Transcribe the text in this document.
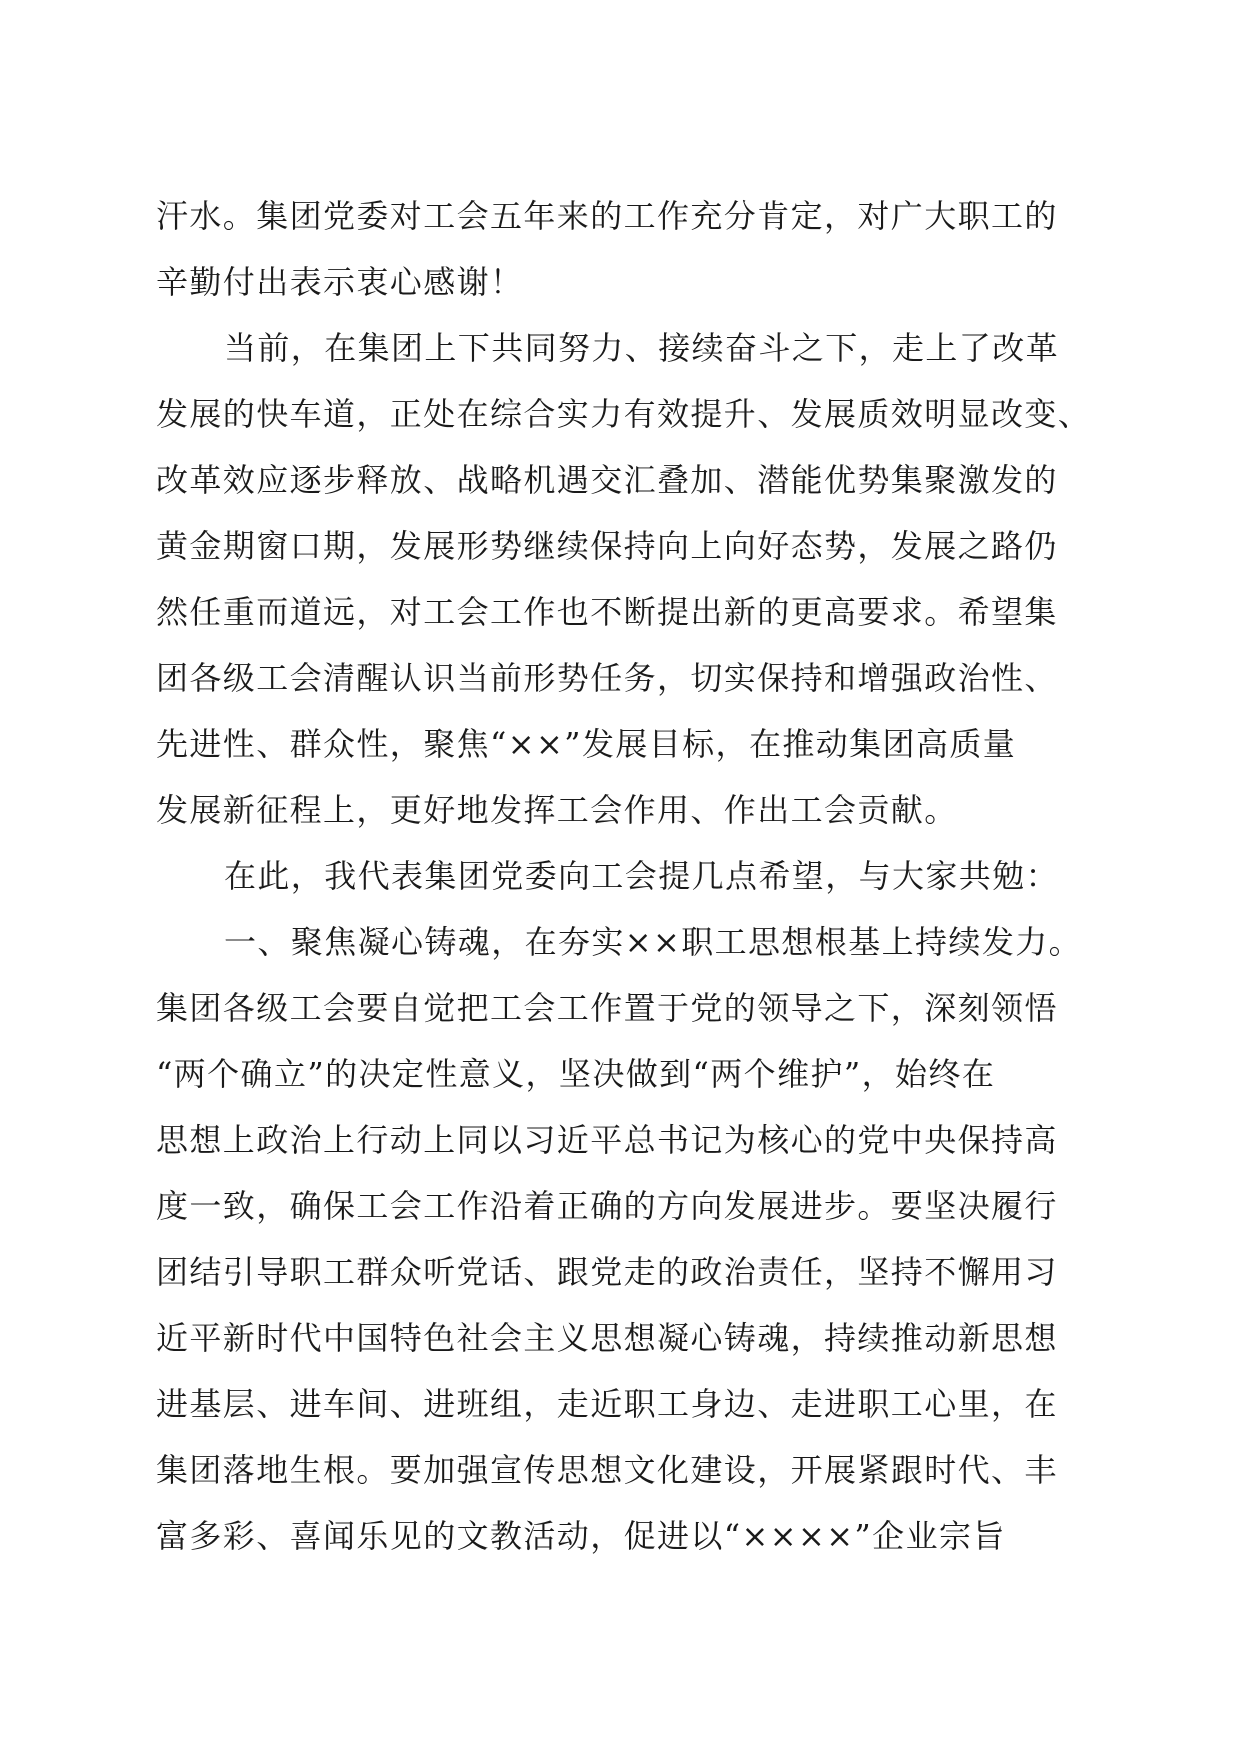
汗水。集团党委对工会五年来的工作充分肯定，对广大职工的
辛勤付出表示衷心感谢！
当前，在集团上下共同努力、接续奋斗之下，走上了改革
发展的快车道，正处在综合实力有效提升、发展质效明显改变、
改革效应逐步释放、战略机遇交汇叠加、潜能优势集聚激发的
黄金期窗口期，发展形势继续保持向上向好态势，发展之路仍
然任重而道远，对工会工作也不断提出新的更高要求。希望集
团各级工会清醒认识当前形势任务，切实保持和增强政治性、
先进性、群众性，聚焦“××”发展目标，在推动集团高质量
发展新征程上，更好地发挥工会作用、作出工会贡献。
在此，我代表集团党委向工会提几点希望，与大家共勉：
一、聚焦凝心铸魂，在夯实××职工思想根基上持续发力。
集团各级工会要自觉把工会工作置于党的领导之下，深刻领悟
“两个确立”的决定性意义，坚决做到“两个维护”，始终在
思想上政治上行动上同以习近平总书记为核心的党中央保持高
度一致，确保工会工作沿着正确的方向发展进步。要坚决履行
团结引导职工群众听党话、跟党走的政治责任，坚持不懈用习
近平新时代中国特色社会主义思想凝心铸魂，持续推动新思想
进基层、进车间、进班组，走近职工身边、走进职工心里，在
集团落地生根。要加强宣传思想文化建设，开展紧跟时代、丰
富多彩、喜闻乐见的文教活动，促进以“××××”企业宗旨
